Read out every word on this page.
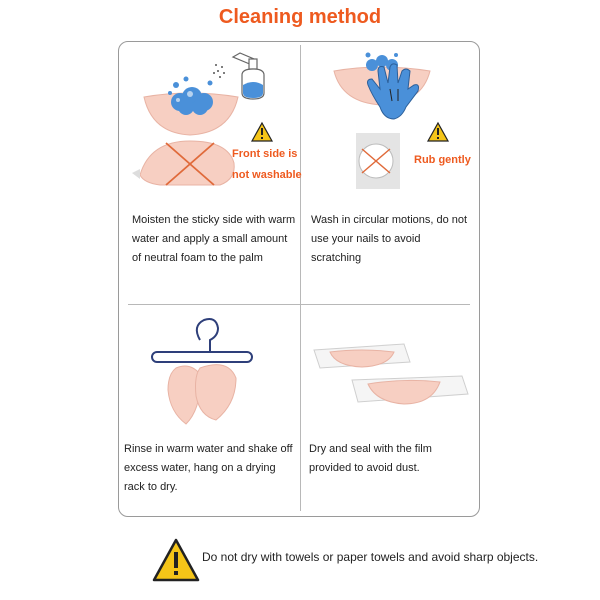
Cleaning method
Front side is
not washable
Moisten the sticky side with warm water and apply a small amount of neutral foam to the palm
Rub gently
Wash in circular motions, do not use your nails to avoid scratching
Rinse in warm water and shake off excess water, hang on a drying rack to dry.
Dry and seal with the film provided to avoid dust.
Do not dry with towels or paper towels and avoid sharp objects.
